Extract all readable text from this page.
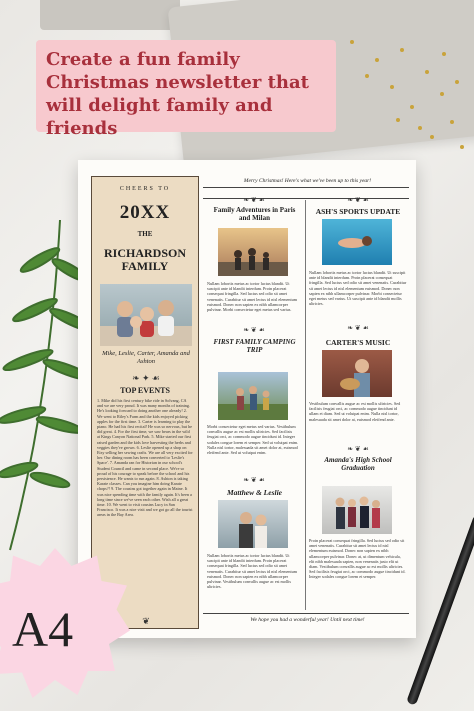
Create a fun family Christmas newsletter that will delight family and friends
Merry Christmas! Here's what we've been up to this year!
We hope you had a wonderful year! Until next time!
CHEERS TO
20XX
THE
RICHARDSON FAMILY
Mike, Leslie, Carter, Amanda and Ashton
❧ ✦ ☙
TOP EVENTS
1. Mike did his first century bike ride in Solvang, CA and we are very proud. It was many months of training. He's looking forward to doing another one already! 2. We went to Riley's Farm and the kids enjoyed picking apples for the first time. 3. Carter is learning to play the piano. He had his first recital! He was so nervous, but he did great. 4. For the first time, we saw bears in the wild at Kings Canyon National Park. 5. Mike started our first raised garden and the kids love harvesting the herbs and veggies they've grown. 6. Leslie opened up a shop on Etsy selling her sewing crafts. We are all very excited for her. Our dining room has been converted to 'Leslie's Space'. 7. Amanda ran for Historian in our school's Student Council and came in second place. We're so proud of his courage to speak before the school and his persistence. He wants to run again. 8. Ashton is taking Karate classes. Can you imagine him doing Karate chops?! 9. The cousins got together again in Maine. It was nice spending time with the family again. It's been a long time since we've seen each other. Wish all a great time. 10. We went to visit cousins Lucy in San Francisco. It was a nice visit and we got go all the tourist areas in the Bay Area.
❦
❧ ❦ ☙
Family Adventures in Paris and Milan
Nullam lobortis metus ac tortor luctus blandit. Ut suscipit ante id blandit interdum. Proin placerat consequat fringilla. Sed luctus sed odio sit amet venenatis. Curabitur sit amet lectus id nisl elementum euismod. Donec non sapien ex nibh ullamcorper pulvinar. Morbi consectetur eget metus sed varius.
❧ ❦ ☙
FIRST FAMILY CAMPING TRIP
Morbi consectetur eget metus sed varius. Vestibulum convallis augue ac est mollis ultricies. Sed facilisis feugiat orci, ac commodo augue tincidunt id. Integer sodales congue lorem et semper. Sed ut volutpat enim. Nulla nisl tortor, malesuada sit amet dolor at, euismod eleifend ante. Sed ut volutpat enim.
❧ ❦ ☙
Matthew & Leslie
Nullam lobortis metus ac tortor luctus blandit. Ut suscipit ante id blandit interdum. Proin placerat consequat fringilla. Sed luctus sed odio sit amet venenatis. Curabitur sit amet lectus id nisl elementum euismod. Donec non sapien ex nibh ullamcorper pulvinar. Vestibulum convallis augue ac est mollis ultricies.
❧ ❦ ☙
ASH'S SPORTS UPDATE
Nullam lobortis metus ac tortor luctus blandit. Ut suscipit ante id blandit interdum. Proin placerat consequat fringilla. Sed luctus sed odio sit amet venenatis. Curabitur sit amet lectus id nisl elementum euismod. Donec non sapien ex nibh ullamcorper pulvinar. Morbi consectetur eget metus sed varius. Ut suscipit ante id blandit mollis ultricies.
❧ ❦ ☙
CARTER'S MUSIC
Vestibulum convallis augue ac est mollis ultricies. Sed facilisis feugiat orci, ac commodo augue tincidunt id ullam et diam. Sed ut volutpat enim. Nulla nisl tortor, malesuada sit amet dolor at, euismod eleifend ante.
❧ ❦ ☙
Amanda's High School Graduation
Proin placerat consequat fringilla. Sed luctus sed odio sit amet venenatis. Curabitur sit amet lectus id nisl elementum euismod. Donec non sapien ex nibh ullamcorper pulvinar. Donec at, ut dimentum vehicula, elit nibh malesuada sapien, non venenatis justo elit ut diam. Vestibulum convallis augue ac est mollis ultricies. Sed facilisis feugiat orci, ac commodo augue tincidunt id. Integer sodales congue lorem et semper.
A4
